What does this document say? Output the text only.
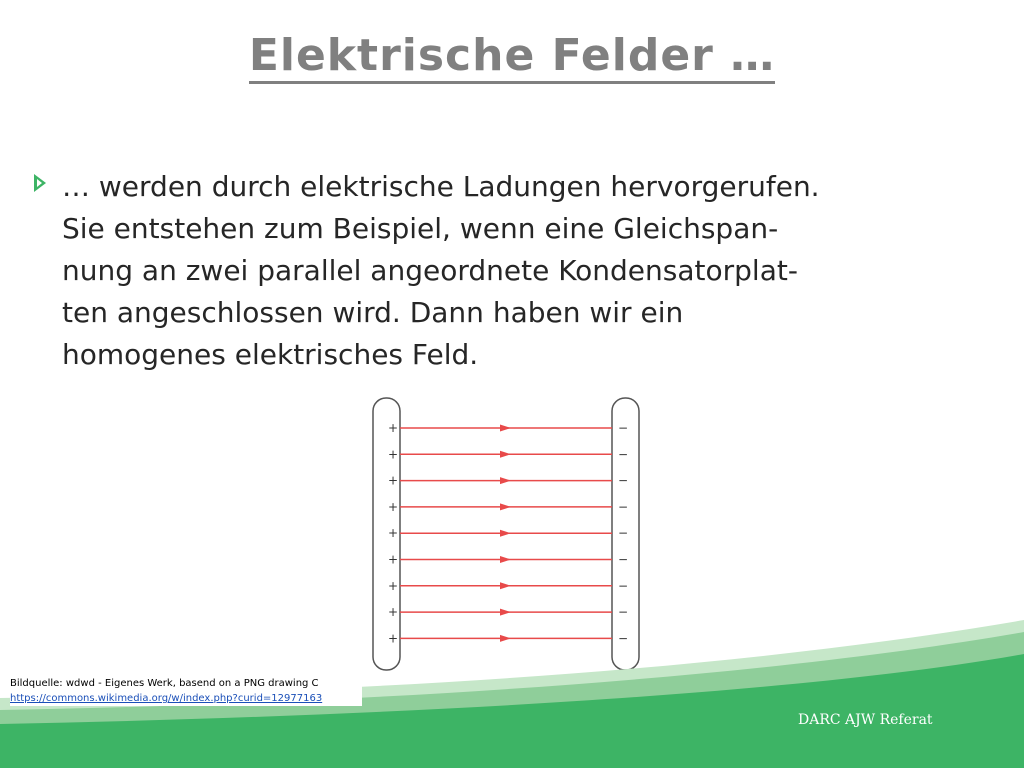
Elektrische Felder …
… werden durch elektrische Ladungen hervorgerufen.
Sie entstehen zum Beispiel, wenn eine Gleichspan-
nung an zwei parallel angeordnete Kondensatorplat-
ten angeschlossen wird. Dann haben wir ein
homogenes elektrisches Feld.
+	−
+	−
+	−
+	−
+	−
+	−
+	−
+	−
+	−
Bildquelle: wdwd - Eigenes Werk, basend on a PNG drawing C
https://commons.wikimedia.org/w/index.php?curid=12977163
DARC AJW Referat
